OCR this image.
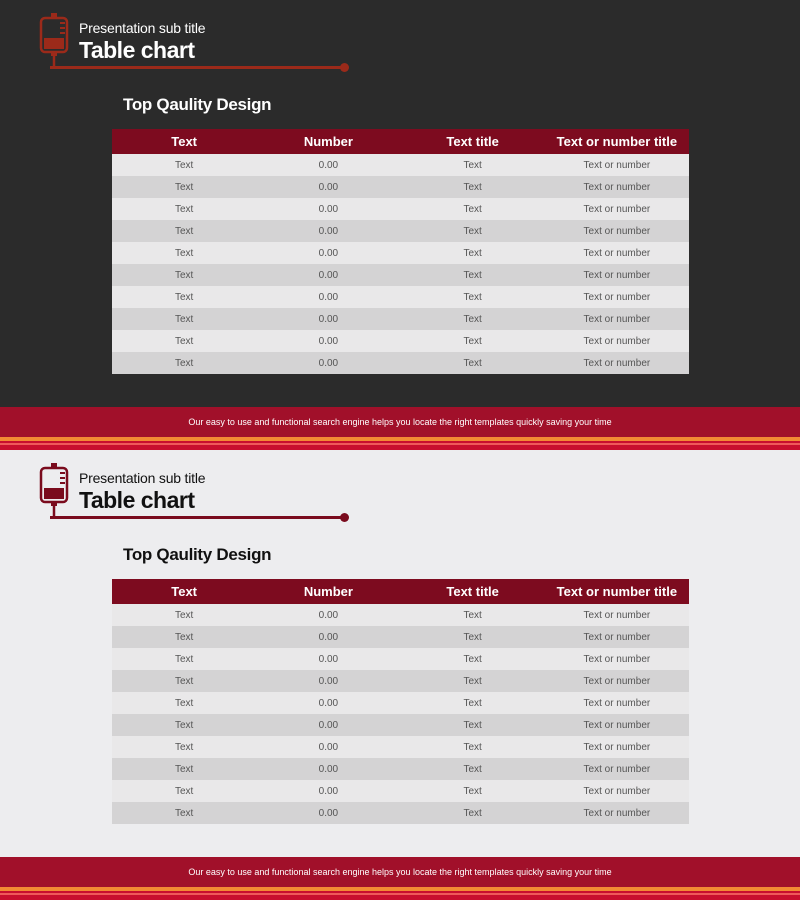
Presentation sub title
Table chart
Top Qaulity Design
Text	Number	Text title	Text or number title
Text	0.00	Text	Text or number
Text	0.00	Text	Text or number
Text	0.00	Text	Text or number
Text	0.00	Text	Text or number
Text	0.00	Text	Text or number
Text	0.00	Text	Text or number
Text	0.00	Text	Text or number
Text	0.00	Text	Text or number
Text	0.00	Text	Text or number
Text	0.00	Text	Text or number
Our easy to use and functional search engine helps you locate the right templates quickly saving your time
Presentation sub title
Table chart
Top Qaulity Design
Text	Number	Text title	Text or number title
Text	0.00	Text	Text or number
Text	0.00	Text	Text or number
Text	0.00	Text	Text or number
Text	0.00	Text	Text or number
Text	0.00	Text	Text or number
Text	0.00	Text	Text or number
Text	0.00	Text	Text or number
Text	0.00	Text	Text or number
Text	0.00	Text	Text or number
Text	0.00	Text	Text or number
Our easy to use and functional search engine helps you locate the right templates quickly saving your time
